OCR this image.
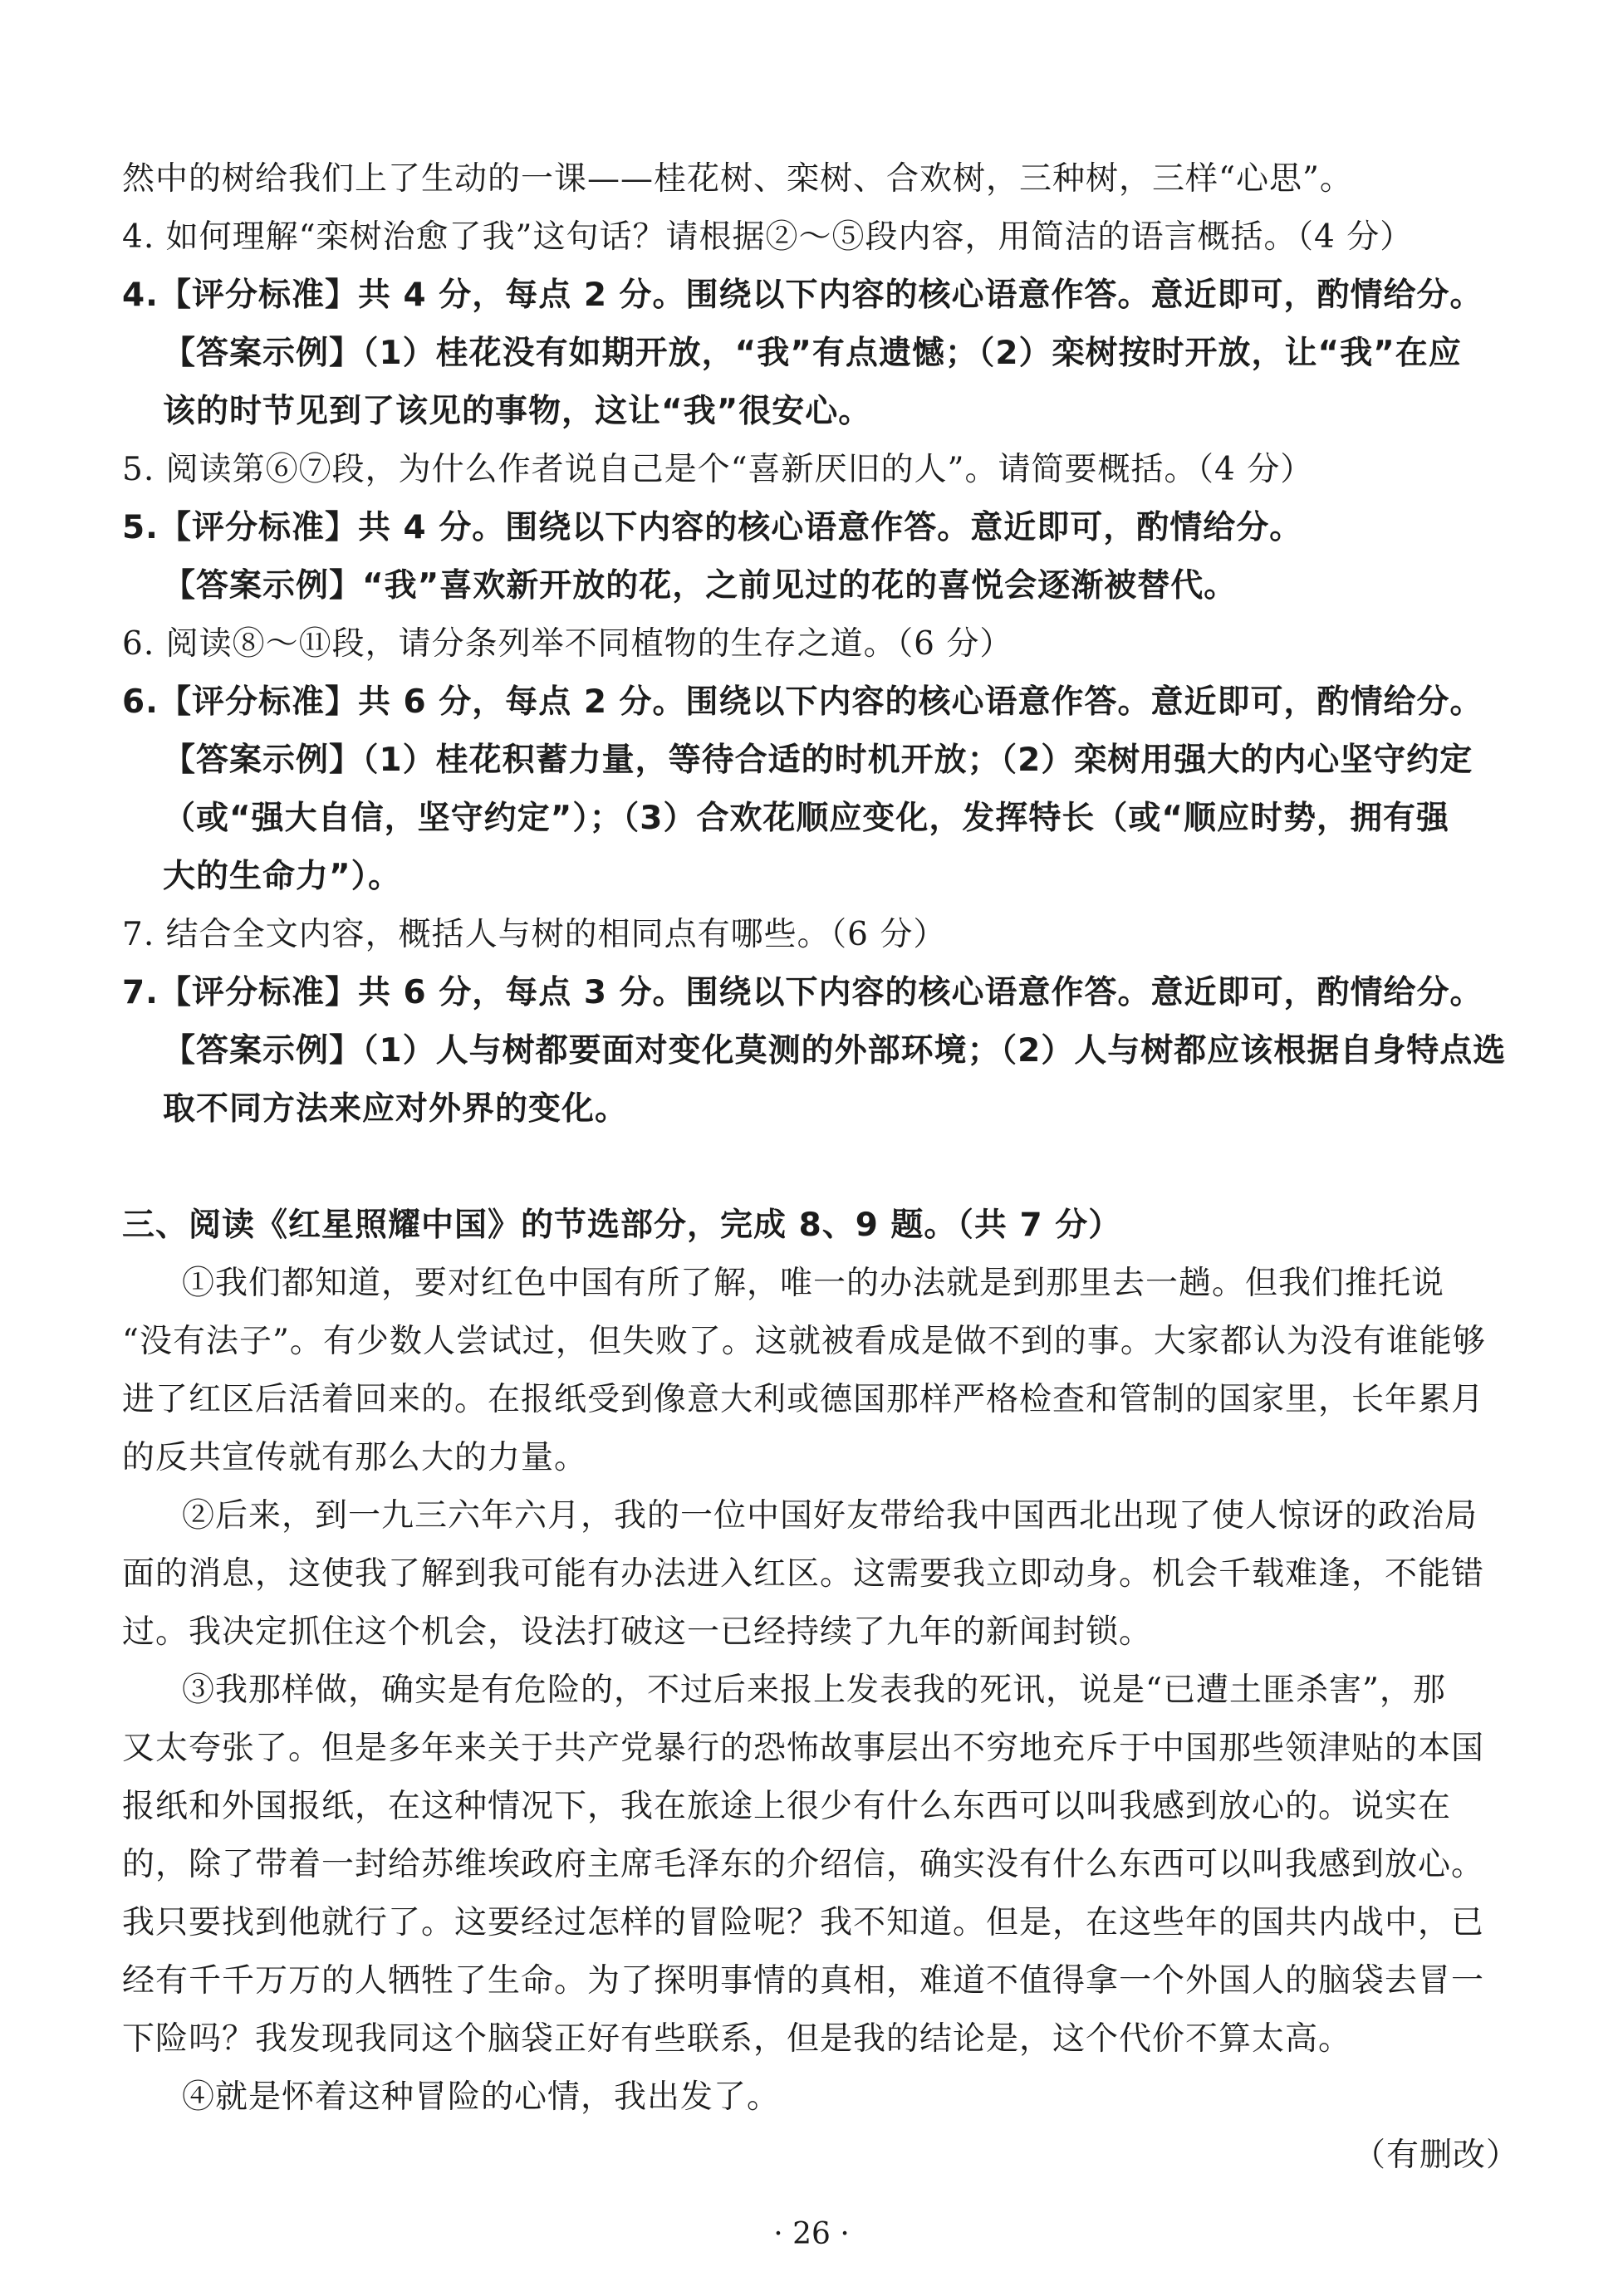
然中的树给我们上了生动的一课——桂花树、栾树、合欢树，三种树，三样“心思”。
4. 如何理解“栾树治愈了我”这句话？请根据②～⑤段内容，用简洁的语言概括。（4 分）
4.【评分标准】共 4 分，每点 2 分。围绕以下内容的核心语意作答。意近即可，酌情给分。
【答案示例】（1）桂花没有如期开放，“我”有点遗憾；（2）栾树按时开放，让“我”在应
该的时节见到了该见的事物，这让“我”很安心。
5. 阅读第⑥⑦段，为什么作者说自己是个“喜新厌旧的人”。请简要概括。（4 分）
5.【评分标准】共 4 分。围绕以下内容的核心语意作答。意近即可，酌情给分。
【答案示例】“我”喜欢新开放的花，之前见过的花的喜悦会逐渐被替代。
6. 阅读⑧～⑪段，请分条列举不同植物的生存之道。（6 分）
6.【评分标准】共 6 分，每点 2 分。围绕以下内容的核心语意作答。意近即可，酌情给分。
【答案示例】（1）桂花积蓄力量，等待合适的时机开放；（2）栾树用强大的内心坚守约定
（或“强大自信，坚守约定”）；（3）合欢花顺应变化，发挥特长（或“顺应时势，拥有强
大的生命力”）。
7. 结合全文内容，概括人与树的相同点有哪些。（6 分）
7.【评分标准】共 6 分，每点 3 分。围绕以下内容的核心语意作答。意近即可，酌情给分。
【答案示例】（1）人与树都要面对变化莫测的外部环境；（2）人与树都应该根据自身特点选
取不同方法来应对外界的变化。
三、阅读《红星照耀中国》的节选部分，完成 8、9 题。（共 7 分）
①我们都知道，要对红色中国有所了解，唯一的办法就是到那里去一趟。但我们推托说
“没有法子”。有少数人尝试过，但失败了。这就被看成是做不到的事。大家都认为没有谁能够
进了红区后活着回来的。在报纸受到像意大利或德国那样严格检查和管制的国家里，长年累月
的反共宣传就有那么大的力量。
②后来，到一九三六年六月，我的一位中国好友带给我中国西北出现了使人惊讶的政治局
面的消息，这使我了解到我可能有办法进入红区。这需要我立即动身。机会千载难逢，不能错
过。我决定抓住这个机会，设法打破这一已经持续了九年的新闻封锁。
③我那样做，确实是有危险的，不过后来报上发表我的死讯，说是“已遭土匪杀害”，那
又太夸张了。但是多年来关于共产党暴行的恐怖故事层出不穷地充斥于中国那些领津贴的本国
报纸和外国报纸，在这种情况下，我在旅途上很少有什么东西可以叫我感到放心的。说实在
的，除了带着一封给苏维埃政府主席毛泽东的介绍信，确实没有什么东西可以叫我感到放心。
我只要找到他就行了。这要经过怎样的冒险呢？我不知道。但是，在这些年的国共内战中，已
经有千千万万的人牺牲了生命。为了探明事情的真相，难道不值得拿一个外国人的脑袋去冒一
下险吗？我发现我同这个脑袋正好有些联系，但是我的结论是，这个代价不算太高。
④就是怀着这种冒险的心情，我出发了。
（有删改）
· 26 ·
